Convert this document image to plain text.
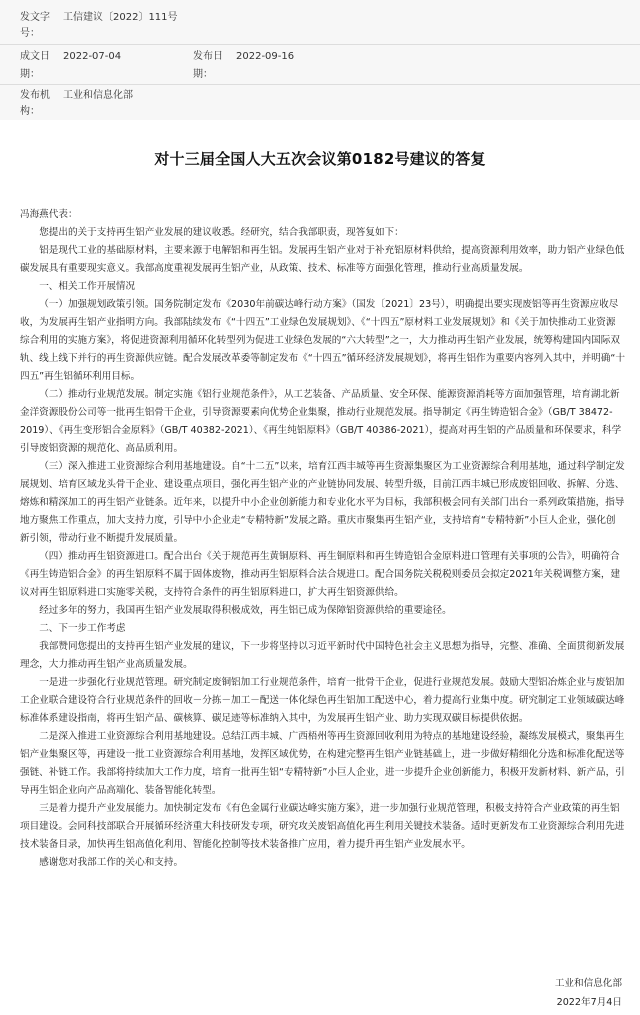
发文字 工信建议〔2022〕111号
号：
成文日 2022-07-04	发布日 2022-09-16
期：	期：
发布机 工业和信息化部
构：
对十三届全国人大五次会议第0182号建议的答复

冯海燕代表：

您提出的关于支持再生铝产业发展的建议收悉。经研究，结合我部职责，现答复如下：

铝是现代工业的基础原材料，主要来源于电解铝和再生铝。发展再生铝产业对于补充铝原材料供给，提高资源利用效率，助力铝产业绿色低碳发展具有重要现实意义。我部高度重视发展再生铝产业，从政策、技术、标准等方面强化管理，推动行业高质量发展。

一、相关工作开展情况

（一）加强规划政策引领。国务院制定发布《2030年前碳达峰行动方案》（国发〔2021〕23号），明确提出要实现废铝等再生资源应收尽收，为发展再生铝产业指明方向。我部陆续发布《“十四五”工业绿色发展规划》、《“十四五”原材料工业发展规划》和《关于加快推动工业资源综合利用的实施方案》，将促进资源利用循环化转型列为促进工业绿色发展的“六大转型”之一，大力推动再生铝产业发展，统筹构建国内国际双轨、线上线下并行的再生资源供应链。配合发展改革委等制定发布《“十四五”循环经济发展规划》，将再生铝作为重要内容列入其中，并明确“十四五”再生铝循环利用目标。

（二）推动行业规范发展。制定实施《铝行业规范条件》，从工艺装备、产品质量、安全环保、能源资源消耗等方面加强管理，培育湖北新金洋资源股份公司等一批再生铝骨干企业，引导资源要素向优势企业集聚，推动行业规范发展。指导制定《再生铸造铝合金》（GB/T 38472-2019）、《再生变形铝合金原料》（GB/T 40382-2021）、《再生纯铝原料》（GB/T 40386-2021），提高对再生铝的产品质量和环保要求，科学引导废铝资源的规范化、高品质利用。

（三）深入推进工业资源综合利用基地建设。自“十二五”以来，培育江西丰城等再生资源集聚区为工业资源综合利用基地，通过科学制定发展规划、培育区域龙头骨干企业、建设重点项目，强化再生铝产业的产业链协同发展、转型升级，目前江西丰城已形成废铝回收、拆解、分选、熔炼和精深加工的再生铝产业链条。近年来，以提升中小企业创新能力和专业化水平为目标，我部积极会同有关部门出台一系列政策措施，指导地方聚焦工作重点，加大支持力度，引导中小企业走“专精特新”发展之路。重庆市聚集再生铝产业，支持培育“专精特新”小巨人企业，强化创新引领，带动行业不断提升发展质量。

（四）推动再生铝资源进口。配合出台《关于规范再生黄铜原料、再生铜原料和再生铸造铝合金原料进口管理有关事项的公告》，明确符合《再生铸造铝合金》的再生铝原料不属于固体废物，推动再生铝原料合法合规进口。配合国务院关税税则委员会拟定2021年关税调整方案，建议对再生铝原料进口实施零关税，支持符合条件的再生铝原料进口，扩大再生铝资源供给。

经过多年的努力，我国再生铝产业发展取得积极成效，再生铝已成为保障铝资源供给的重要途径。

二、下一步工作考虑

我部赞同您提出的支持再生铝产业发展的建议，下一步将坚持以习近平新时代中国特色社会主义思想为指导，完整、准确、全面贯彻新发展理念，大力推动再生铝产业高质量发展。

一是进一步强化行业规范管理。研究制定废铜铝加工行业规范条件，培育一批骨干企业，促进行业规范发展。鼓励大型铝冶炼企业与废铝加工企业联合建设符合行业规范条件的回收－分拣－加工－配送一体化绿色再生铝加工配送中心，着力提高行业集中度。研究制定工业领域碳达峰标准体系建设指南，将再生铝产品、碳核算、碳足迹等标准纳入其中，为发展再生铝产业、助力实现双碳目标提供依据。

二是深入推进工业资源综合利用基地建设。总结江西丰城、广西梧州等再生资源回收利用为特点的基地建设经验，凝练发展模式，聚集再生铝产业集聚区等，再建设一批工业资源综合利用基地，发挥区域优势，在构建完整再生铝产业链基础上，进一步做好精细化分选和标准化配送等强链、补链工作。我部将持续加大工作力度，培育一批再生铝“专精特新”小巨人企业，进一步提升企业创新能力，积极开发新材料、新产品，引导再生铝企业向产品高端化、装备智能化转型。

三是着力提升产业发展能力。加快制定发布《有色金属行业碳达峰实施方案》，进一步加强行业规范管理，积极支持符合产业政策的再生铝项目建设。会同科技部联合开展循环经济重大科技研发专项，研究攻关废铝高值化再生利用关键技术装备。适时更新发布工业资源综合利用先进技术装备目录，加快再生铝高值化利用、智能化控制等技术装备推广应用，着力提升再生铝产业发展水平。

感谢您对我部工作的关心和支持。

工业和信息化部
2022年7月4日
